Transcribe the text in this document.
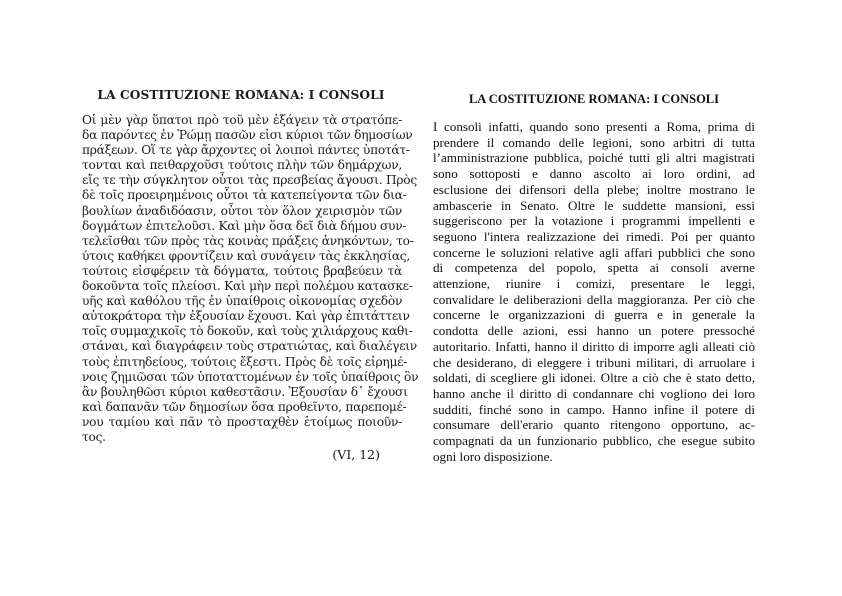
LA COSTITUZIONE ROMANA: I CONSOLI
Οἱ μὲν γὰρ ὕπατοι πρὸ τοῦ μὲν ἐξάγειν τὰ στρατόπε-
δα παρόντες ἐν Ῥώμῃ πασῶν εἰσι κύριοι τῶν δημοσίων
πράξεων. Οἵ τε γὰρ ἄρχοντες οἱ λοιποὶ πάντες ὑποτάτ-
τονται καὶ πειθαρχοῦσι τούτοις πλὴν τῶν δημάρχων,
εἴς τε τὴν σύγκλητον οὗτοι τὰς πρεσβείας ἄγουσι. Πρὸς
δὲ τοῖς προειρημένοις οὗτοι τὰ κατεπείγοντα τῶν δια-
βουλίων ἀναδιδόασιν, οὗτοι τὸν ὅλον χειρισμὸν τῶν
δογμάτων ἐπιτελοῦσι. Καὶ μὴν ὅσα δεῖ διὰ δήμου συν-
τελεῖσθαι τῶν πρὸς τὰς κοινὰς πράξεις ἀνηκόντων, το-
ύτοις καθήκει φροντίζειν καὶ συνάγειν τὰς ἐκκλησίας,
τούτοις εἰσφέρειν τὰ δόγματα, τούτοις βραβεύειν τὰ
δοκοῦντα τοῖς πλείοσι. Καὶ μὴν περὶ πολέμου κατασκε-
υῆς καὶ καθόλου τῆς ἐν ὑπαίθροις οἰκονομίας σχεδὸν
αὐτοκράτορα τὴν ἐξουσίαν ἔχουσι. Καὶ γὰρ ἐπιτάττειν
τοῖς συμμαχικοῖς τὸ δοκοῦν, καὶ τοὺς χιλιάρχους καθι-
στάναι, καὶ διαγράφειν τοὺς στρατιώτας, καὶ διαλέγειν
τοὺς ἐπιτηδείους, τούτοις ἔξεστι. Πρὸς δὲ τοῖς εἰρημέ-
νοις ζημιῶσαι τῶν ὑποταττομένων ἐν τοῖς ὑπαίθροις ὃν
ἂν βουληθῶσι κύριοι καθεστᾶσιν. Ἐξουσίαν δ᾽ ἔχουσι
καὶ δαπανᾶν τῶν δημοσίων ὅσα προθεῖντο, παρεπομέ-
νου ταμίου καὶ πᾶν τὸ προσταχθὲν ἑτοίμως ποιοῦν-
τος.
(VI, 12)
LA COSTITUZIONE ROMANA: I CONSOLI
I consoli infatti, quando sono presenti a Roma, prima di
prendere il comando delle legioni, sono arbitri di tutta
l’amministrazione pubblica, poiché tutti gli altri magistrati
sono sottoposti e danno ascolto ai loro ordini, ad
esclusione dei difensori della plebe; inoltre mostrano le
ambascerie in Senato. Oltre le suddette mansioni, essi
suggeriscono per la votazione i programmi impellenti e
seguono l'intera realizzazione dei rimedi. Poi per quanto
concerne le soluzioni relative agli affari pubblici che sono
di competenza del popolo, spetta ai consoli averne
attenzione, riunire i comizi, presentare le leggi,
convalidare le deliberazioni della maggioranza. Per ciò che
concerne le organizzazioni di guerra e in generale la
condotta delle azioni, essi hanno un potere pressoché
autoritario. Infatti, hanno il diritto di imporre agli alleati ciò
che desiderano, di eleggere i tribuni militari, di arruolare i
soldati, di scegliere gli idonei. Oltre a ciò che è stato detto,
hanno anche il diritto di condannare chi vogliono dei loro
sudditi, finché sono in campo. Hanno infine il potere di
consumare dell'erario quanto ritengono opportuno, ac-
compagnati da un funzionario pubblico, che esegue subito
ogni loro disposizione.
